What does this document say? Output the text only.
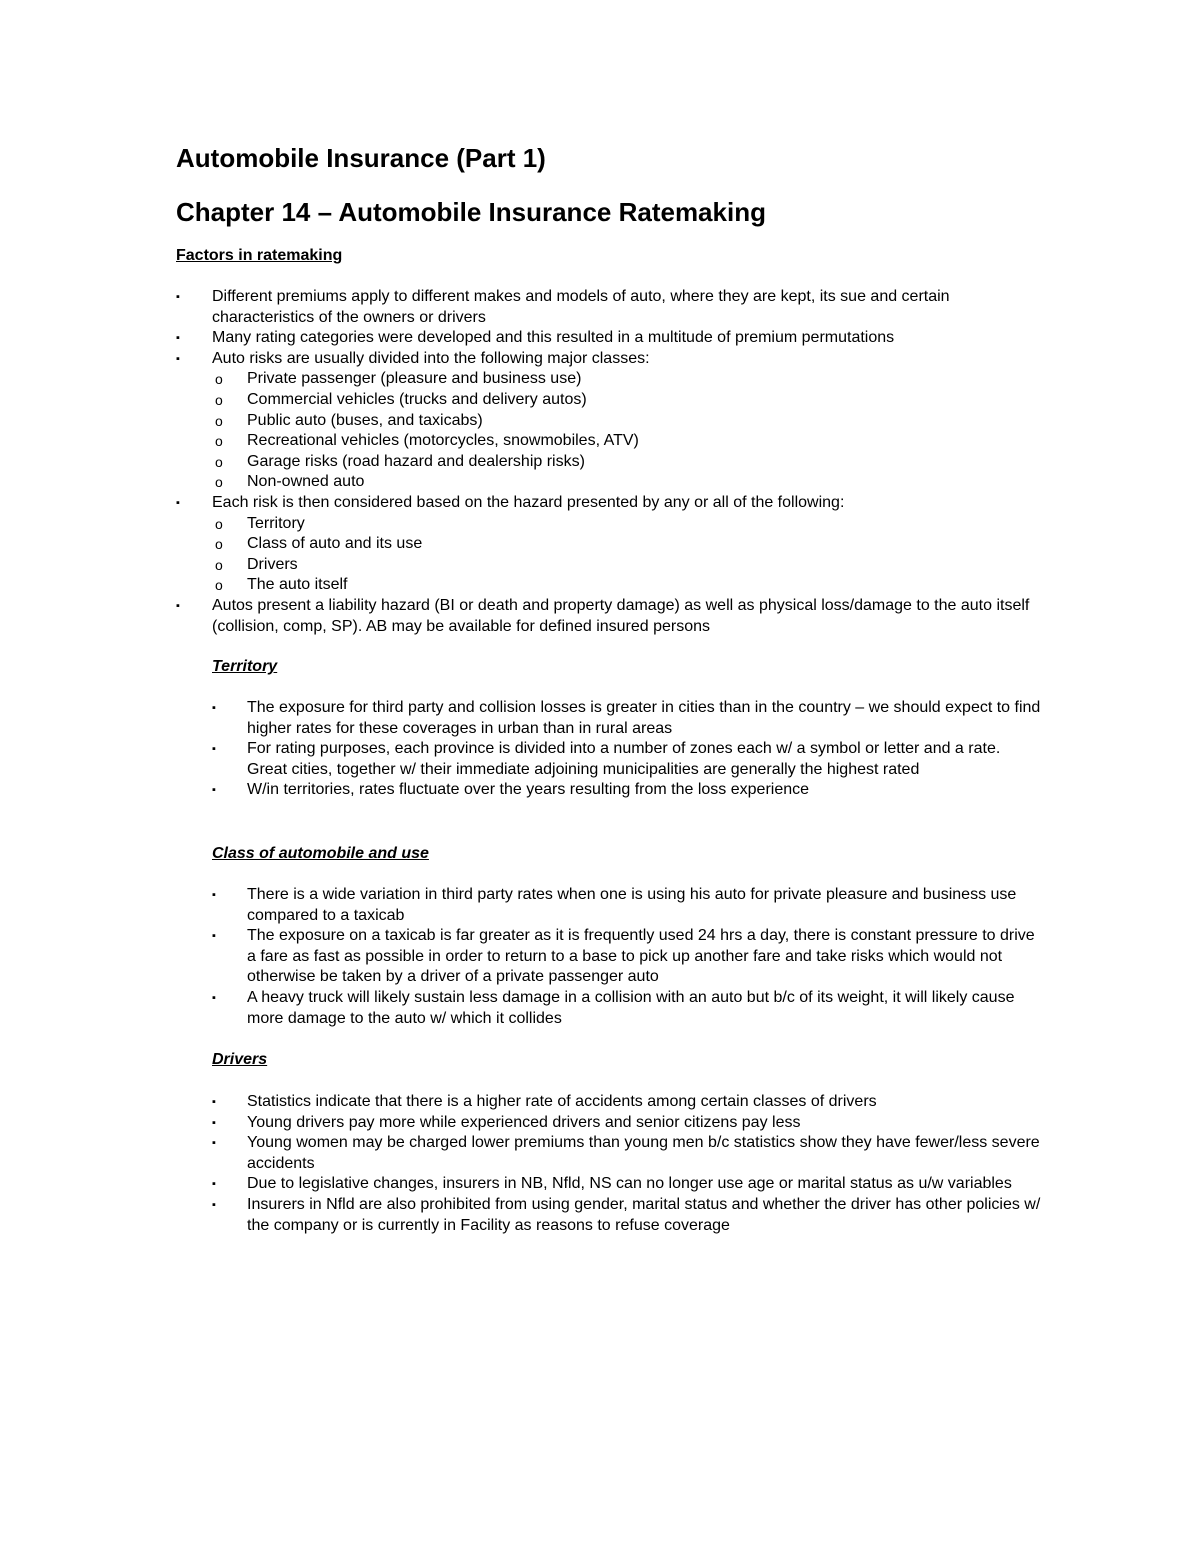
Automobile Insurance (Part 1)
Chapter 14 – Automobile Insurance Ratemaking
Factors in ratemaking
▪	Different premiums apply to different makes and models of auto, where they are kept, its sue and certain characteristics of the owners or drivers
▪	Many rating categories were developed and this resulted in a multitude of premium permutations
▪	Auto risks are usually divided into the following major classes:
o Private passenger (pleasure and business use)
o Commercial vehicles (trucks and delivery autos)
o Public auto (buses, and taxicabs)
o Recreational vehicles (motorcycles, snowmobiles, ATV)
o Garage risks (road hazard and dealership risks)
o Non-owned auto
▪	Each risk is then considered based on the hazard presented by any or all of the following:
o Territory
o Class of auto and its use
o Drivers
o The auto itself
▪	Autos present a liability hazard (BI or death and property damage) as well as physical loss/damage to the auto itself (collision, comp, SP). AB may be available for defined insured persons
Territory
▪	The exposure for third party and collision losses is greater in cities than in the country – we should expect to find higher rates for these coverages in urban than in rural areas
▪	For rating purposes, each province is divided into a number of zones each w/ a symbol or letter and a rate. Great cities, together w/ their immediate adjoining municipalities are generally the highest rated
▪	W/in territories, rates fluctuate over the years resulting from the loss experience
Class of automobile and use
▪	There is a wide variation in third party rates when one is using his auto for private pleasure and business use compared to a taxicab
▪	The exposure on a taxicab is far greater as it is frequently used 24 hrs a day, there is constant pressure to drive a fare as fast as possible in order to return to a base to pick up another fare and take risks which would not otherwise be taken by a driver of a private passenger auto
▪	A heavy truck will likely sustain less damage in a collision with an auto but b/c of its weight, it will likely cause more damage to the auto w/ which it collides
Drivers
▪	Statistics indicate that there is a higher rate of accidents among certain classes of drivers
▪	Young drivers pay more while experienced drivers and senior citizens pay less
▪	Young women may be charged lower premiums than young men b/c statistics show they have fewer/less severe accidents
▪	Due to legislative changes, insurers in NB, Nfld, NS can no longer use age or marital status as u/w variables
▪	Insurers in Nfld are also prohibited from using gender, marital status and whether the driver has other policies w/ the company or is currently in Facility as reasons to refuse coverage
